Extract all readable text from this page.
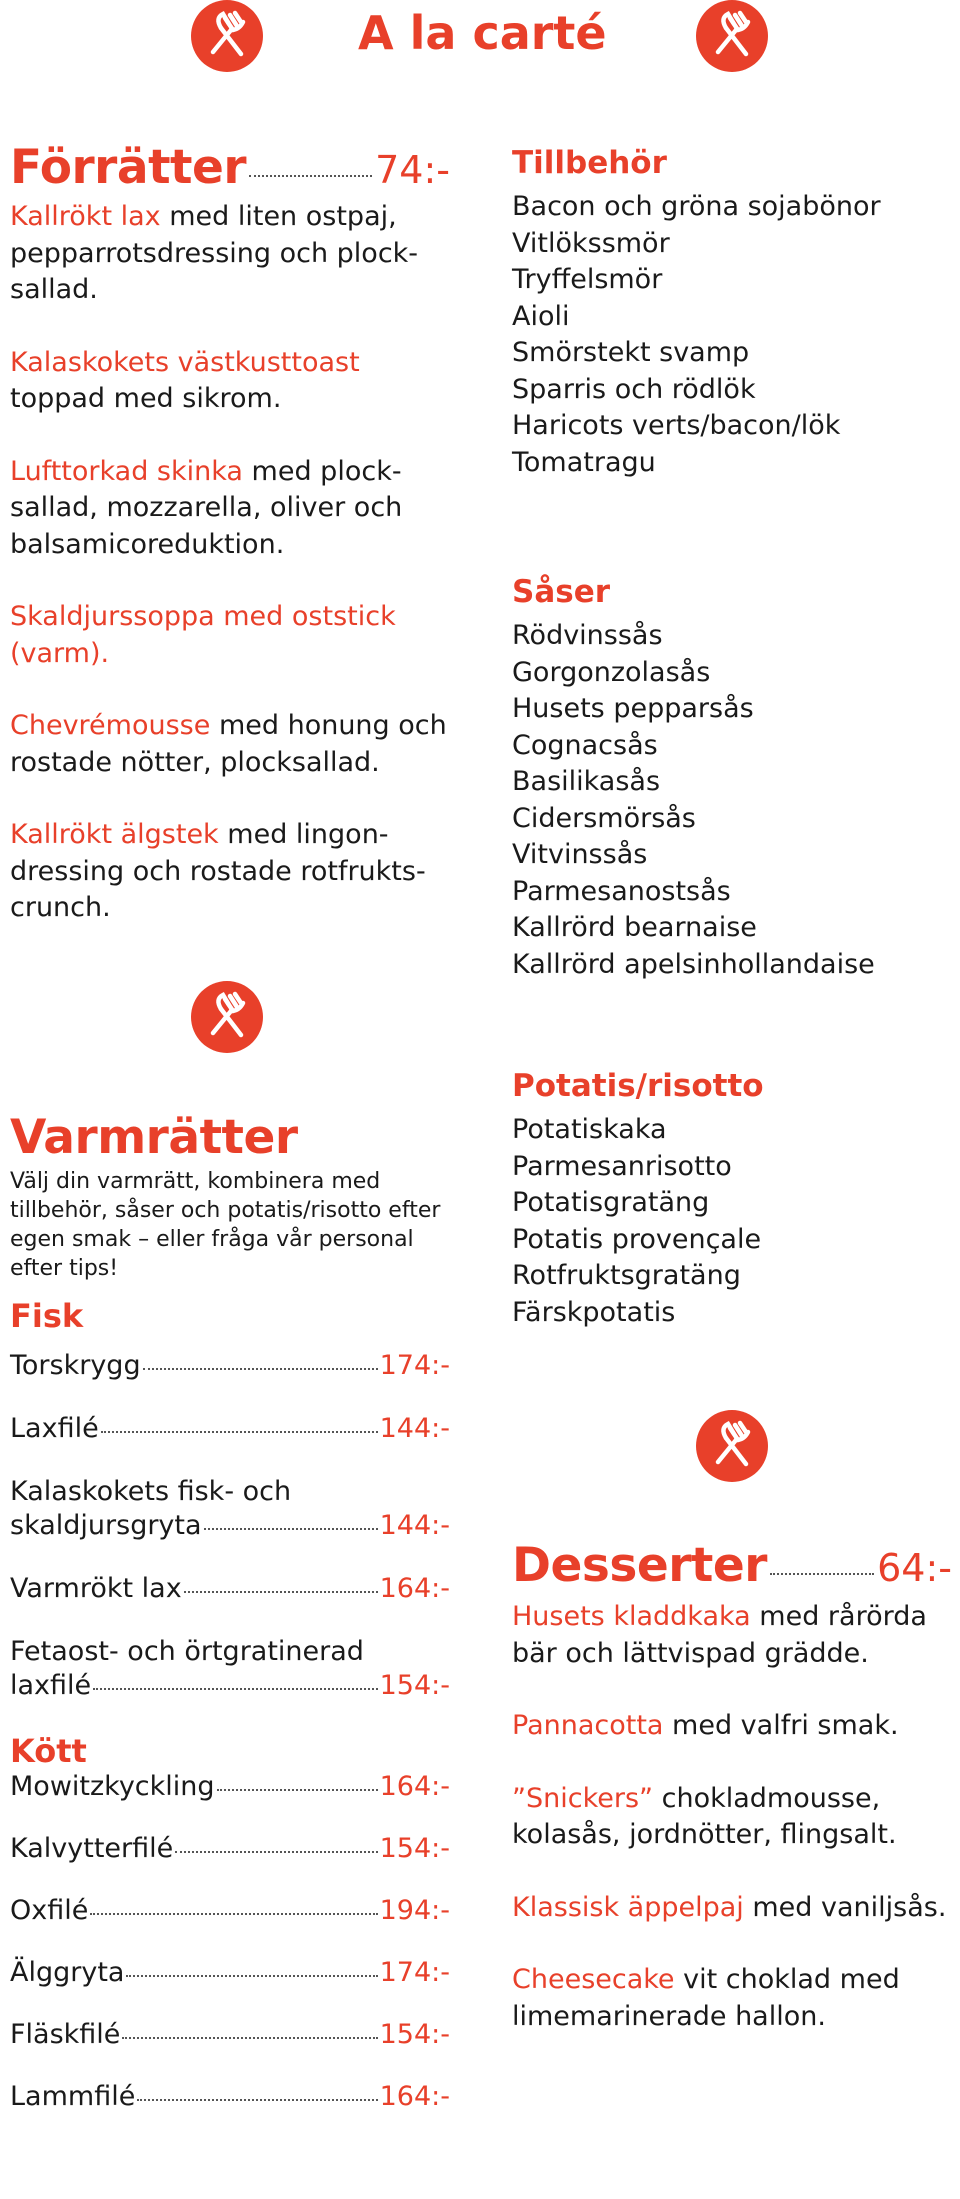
A la carté
Förrätter	74:-
Kallrökt lax med liten ostpaj, pepparrotsdressing och plock-sallad.
Kalaskokets västkusttoast toppad med sikrom.
Lufttorkad skinka med plock-sallad, mozzarella, oliver och balsamicoreduktion.
Skaldjurssoppa med oststick (varm).
Chevrémousse med honung och rostade nötter, plocksallad.
Kallrökt älgstek med lingon-dressing och rostade rotfrukts-crunch.
Tillbehör
Bacon och gröna sojabönor
Vitlökssmör
Tryffelsmör
Aioli
Smörstekt svamp
Sparris och rödlök
Haricots verts/bacon/lök
Tomatragu
Såser
Rödvinssås
Gorgonzolasås
Husets pepparsås
Cognacsås
Basilikasås
Cidersmörsås
Vitvinssås
Parmesanostsås
Kallrörd bearnaise
Kallrörd apelsinhollandaise
Potatis/risotto
Potatiskaka
Parmesanrisotto
Potatisgratäng
Potatis provençale
Rotfruktsgratäng
Färskpotatis
Varmrätter
Välj din varmrätt, kombinera med tillbehör, såser och potatis/risotto efter egen smak – eller fråga vår personal efter tips!
Fisk
Torskrygg	174:-
Laxfilé	144:-
Kalaskokets fisk- och
skaldjursgryta	144:-
Varmrökt lax	164:-
Fetaost- och örtgratinerad
laxfilé	154:-
Kött
Mowitzkyckling	164:-
Kalvytterfilé	154:-
Oxfilé	194:-
Älggryta	174:-
Fläskfilé	154:-
Lammfilé	164:-
Desserter	64:-
Husets kladdkaka med rårörda bär och lättvispad grädde.
Pannacotta med valfri smak.
”Snickers” chokladmousse, kolasås, jordnötter, flingsalt.
Klassisk äppelpaj med vaniljsås.
Cheesecake vit choklad med limemarinerade hallon.
